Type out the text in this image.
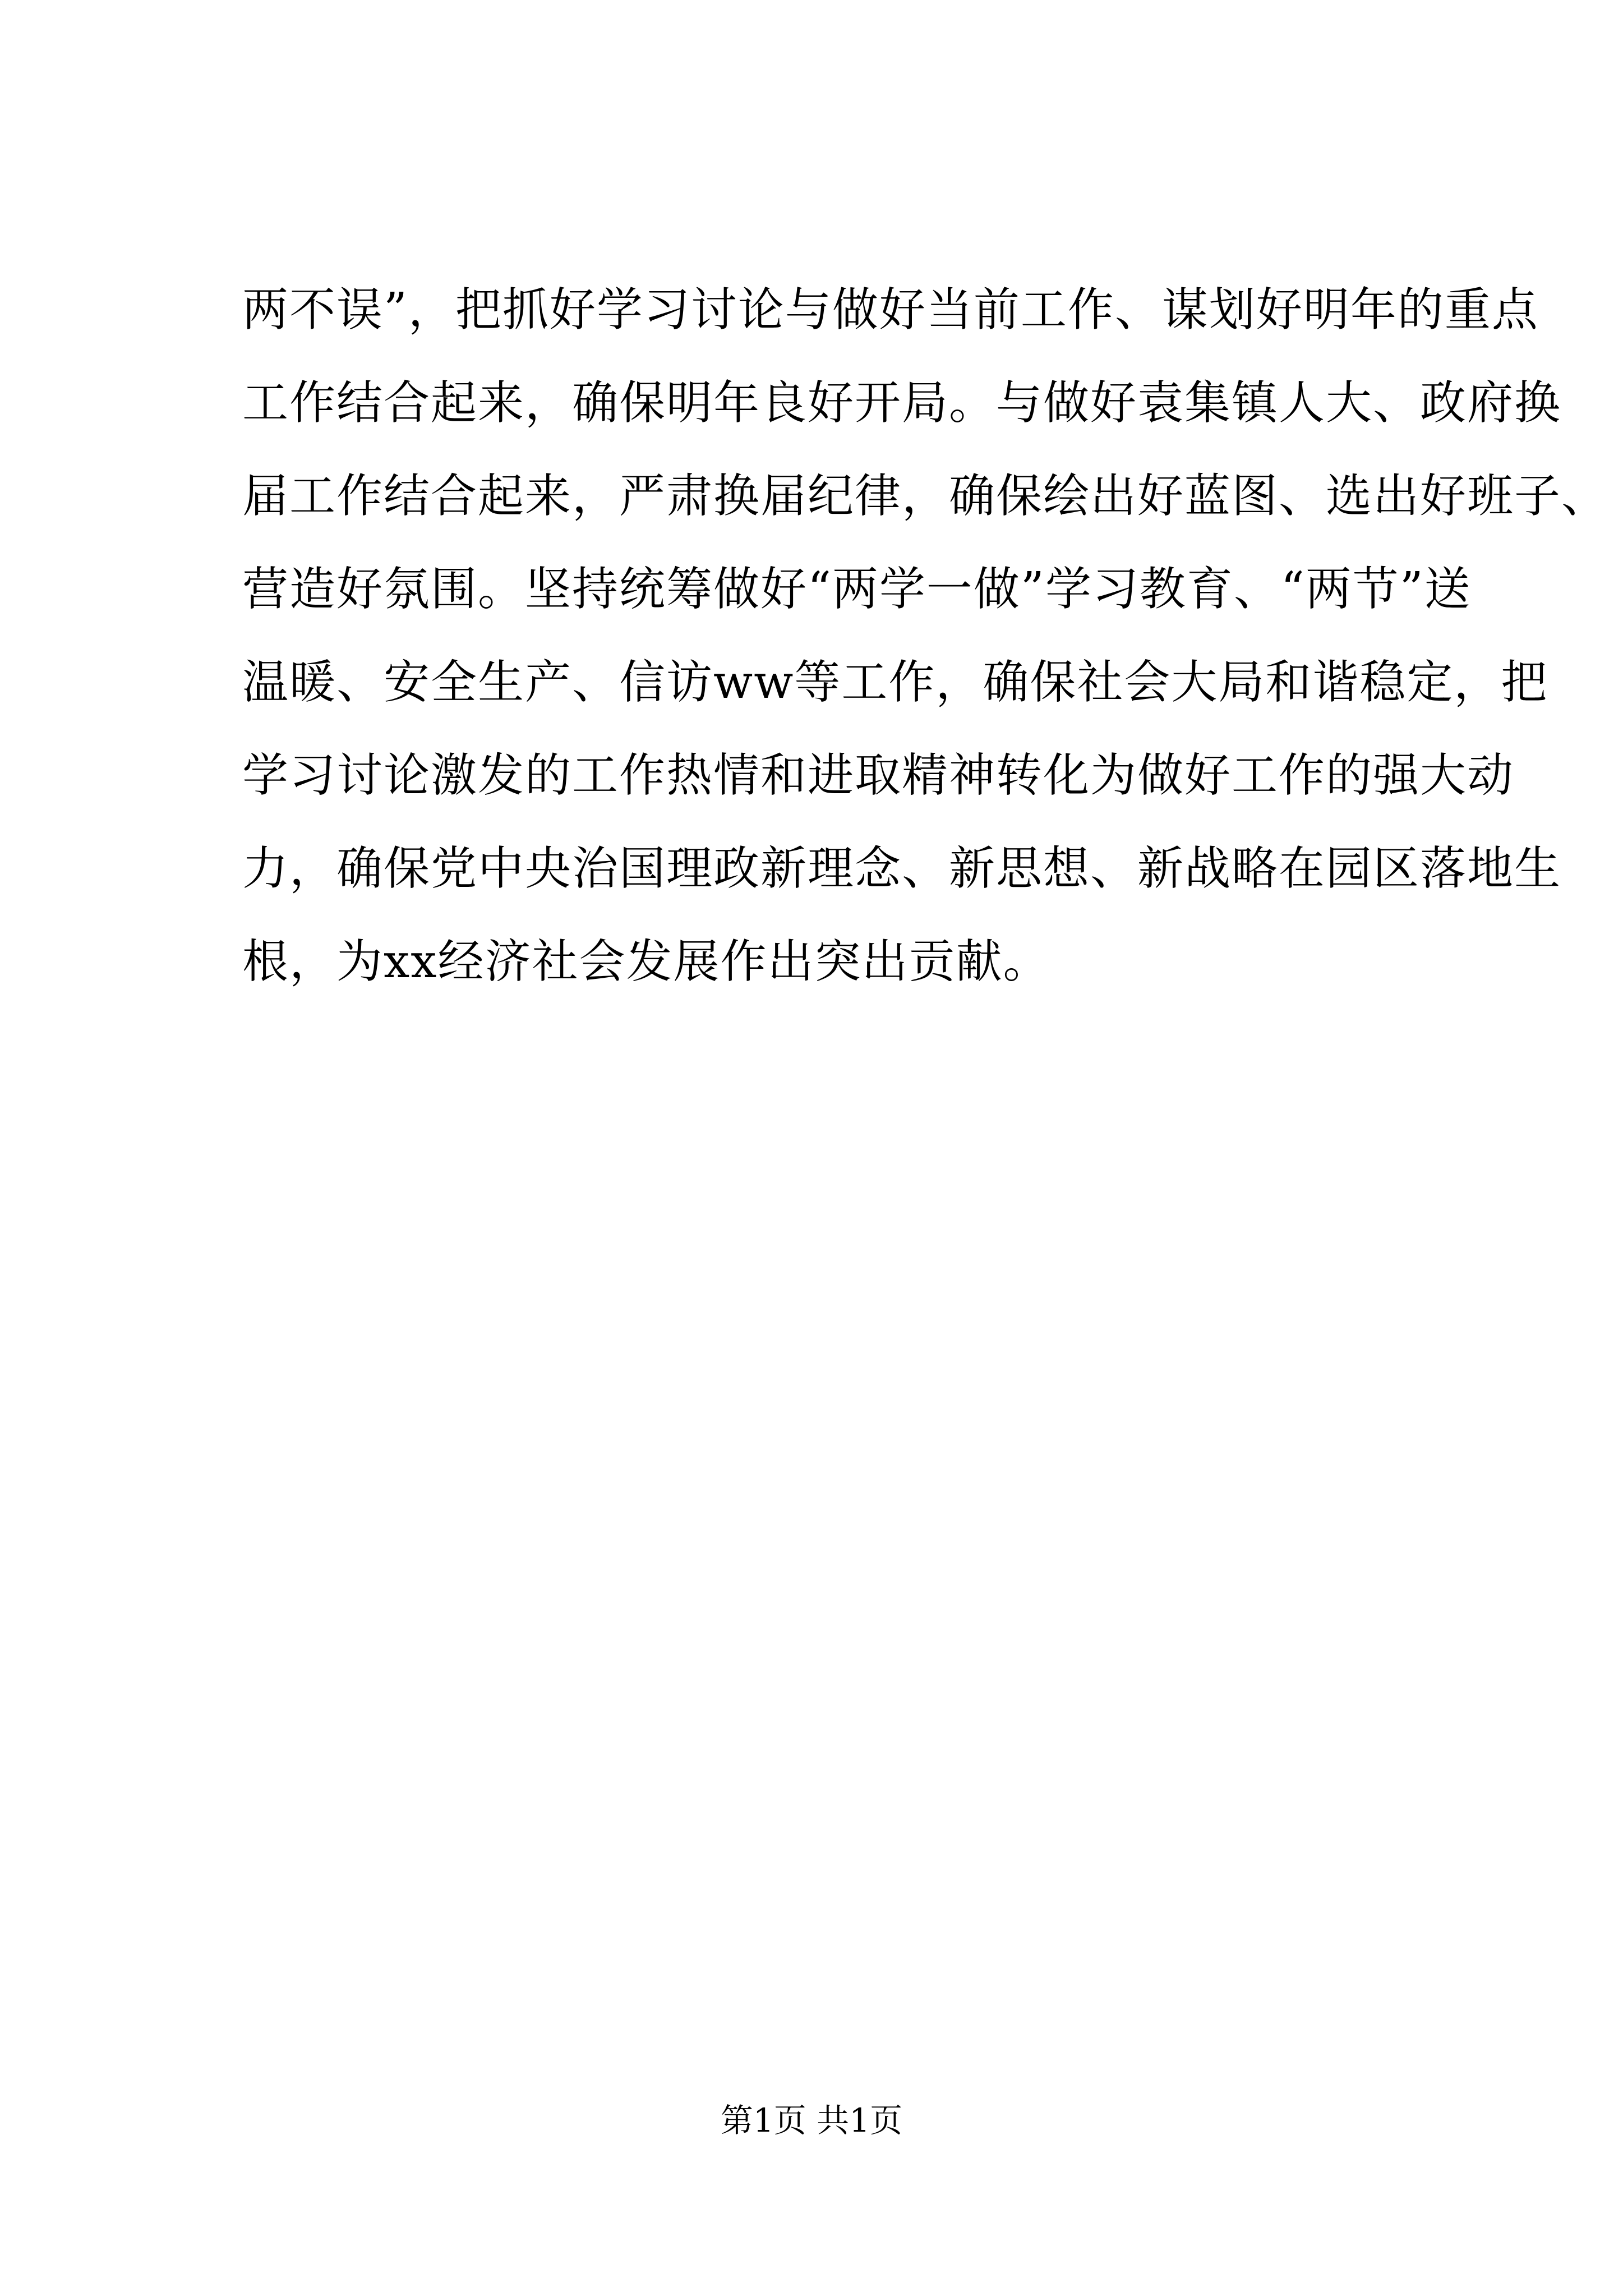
两不误”，把抓好学习讨论与做好当前工作、谋划好明年的重点
工作结合起来，确保明年良好开局。与做好袁集镇人大、政府换
届工作结合起来，严肃换届纪律，确保绘出好蓝图、选出好班子、
营造好氛围。坚持统筹做好“两学一做”学习教育、“两节”送
温暖、安全生产、信访ww等工作，确保社会大局和谐稳定，把
学习讨论激发的工作热情和进取精神转化为做好工作的强大动
力，确保党中央治国理政新理念、新思想、新战略在园区落地生
根，为xx经济社会发展作出突出贡献。
第1页 共1页
